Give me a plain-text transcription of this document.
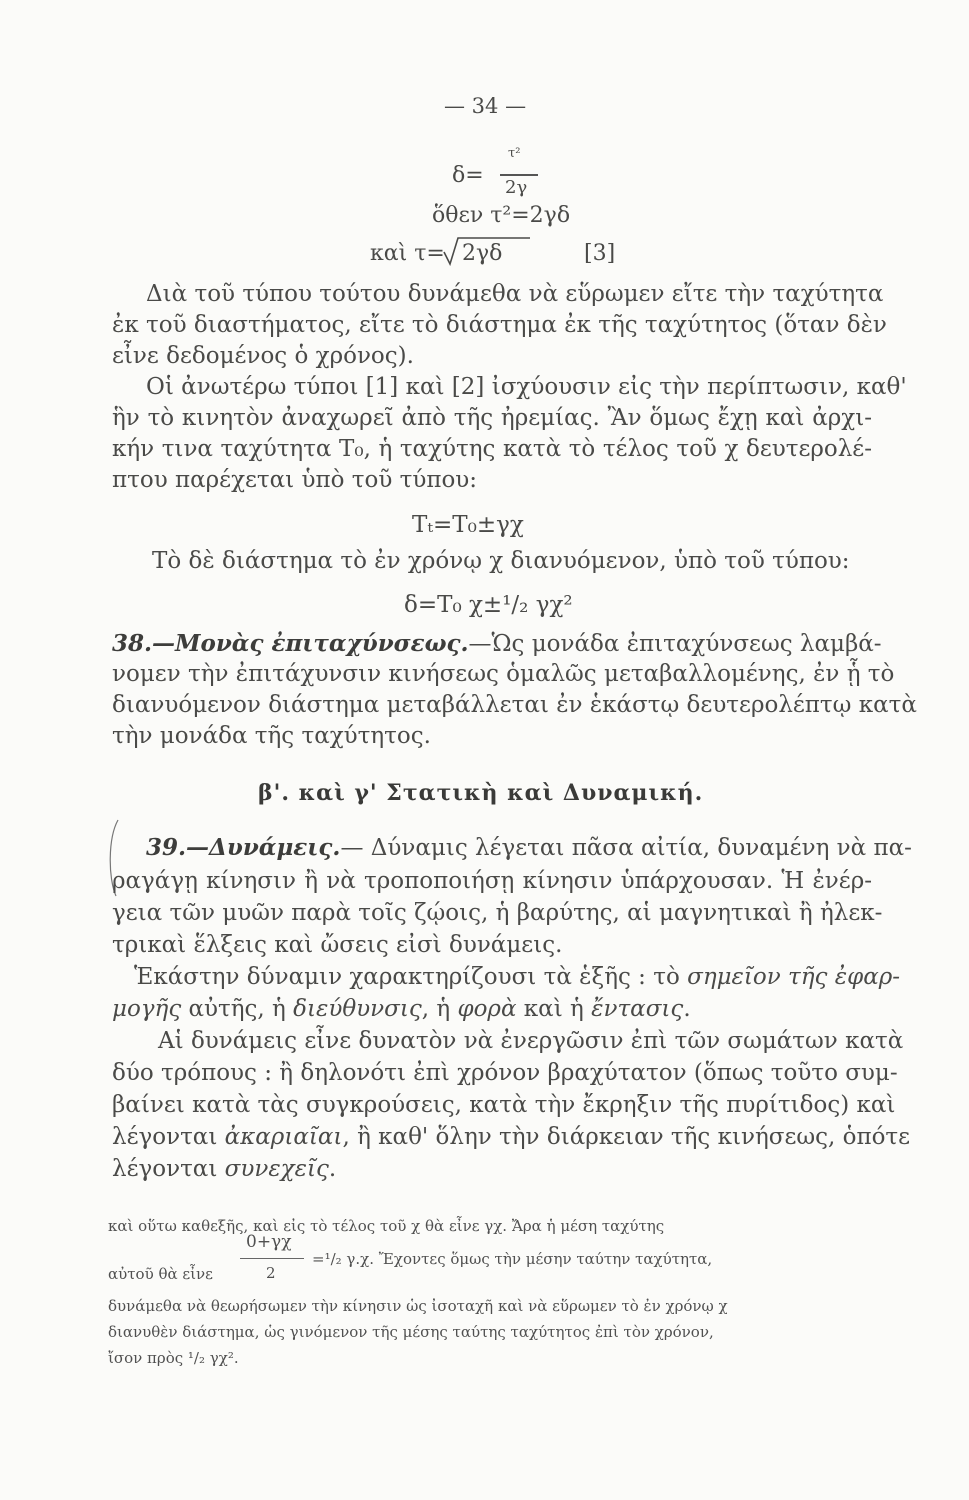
— 34 —
δ=
τ²
2γ
ὅθεν τ²=2γδ
καὶ τ= 2γδ	[3]
Διὰ τοῦ τύπου τούτου δυνάμεθα νὰ εὕρωμεν εἴτε τὴν ταχύτητα
ἐκ τοῦ διαστήματος, εἴτε τὸ διάστημα ἐκ τῆς ταχύτητος (ὅταν δὲν
εἶνε δεδομένος ὁ χρόνος).
Οἱ ἀνωτέρω τύποι [1] καὶ [2] ἰσχύουσιν εἰς τὴν περίπτωσιν, καθ'
ἣν τὸ κινητὸν ἀναχωρεῖ ἀπὸ τῆς ἠρεμίας. Ἂν ὅμως ἔχῃ καὶ ἀρχι-
κήν τινα ταχύτητα T₀, ἡ ταχύτης κατὰ τὸ τέλος τοῦ χ δευτερολέ-
πτου παρέχεται ὑπὸ τοῦ τύπου:
Tₜ=T₀±γχ
Τὸ δὲ διάστημα τὸ ἐν χρόνῳ χ διανυόμενον, ὑπὸ τοῦ τύπου:
δ=T₀ χ±¹/₂ γχ²
38.—Μονὰς ἐπιταχύνσεως.—Ὡς μονάδα ἐπιταχύνσεως λαμβά-
νομεν τὴν ἐπιτάχυνσιν κινήσεως ὁμαλῶς μεταβαλλομένης, ἐν ᾗ τὸ
διανυόμενον διάστημα μεταβάλλεται ἐν ἑκάστῳ δευτερολέπτῳ κατὰ
τὴν μονάδα τῆς ταχύτητος.
β'. καὶ γ' Στατικὴ καὶ Δυναμική.
39.—Δυνάμεις.— Δύναμις λέγεται πᾶσα αἰτία, δυναμένη νὰ πα-
ραγάγῃ κίνησιν ἢ νὰ τροποποιήσῃ κίνησιν ὑπάρχουσαν. Ἡ ἐνέρ-
γεια τῶν μυῶν παρὰ τοῖς ζῴοις, ἡ βαρύτης, αἱ μαγνητικαὶ ἢ ἠλεκ-
τρικαὶ ἕλξεις καὶ ὤσεις εἰσὶ δυνάμεις.
Ἑκάστην δύναμιν χαρακτηρίζουσι τὰ ἑξῆς : τὸ σημεῖον τῆς ἐφαρ-
μογῆς αὐτῆς, ἡ διεύθυνσις, ἡ φορὰ καὶ ἡ ἔντασις.
Αἱ δυνάμεις εἶνε δυνατὸν νὰ ἐνεργῶσιν ἐπὶ τῶν σωμάτων κατὰ
δύο τρόπους : ἢ δηλονότι ἐπὶ χρόνον βραχύτατον (ὅπως τοῦτο συμ-
βαίνει κατὰ τὰς συγκρούσεις, κατὰ τὴν ἔκρηξιν τῆς πυρίτιδος) καὶ
λέγονται ἀκαριαῖαι, ἢ καθ' ὅλην τὴν διάρκειαν τῆς κινήσεως, ὁπότε
λέγονται συνεχεῖς.
καὶ οὕτω καθεξῆς, καὶ εἰς τὸ τέλος τοῦ χ θὰ εἶνε γχ. Ἄρα ἡ μέση ταχύτης
αὐτοῦ θὰ εἶνε
0+γχ
2
=¹/₂ γ.χ. Ἔχοντες ὅμως τὴν μέσην ταύτην ταχύτητα,
δυνάμεθα νὰ θεωρήσωμεν τὴν κίνησιν ὡς ἰσοταχῆ καὶ νὰ εὕρωμεν τὸ ἐν χρόνῳ χ
διανυθὲν διάστημα, ὡς γινόμενον τῆς μέσης ταύτης ταχύτητος ἐπὶ τὸν χρόνον,
ἴσον πρὸς ¹/₂ γχ².
